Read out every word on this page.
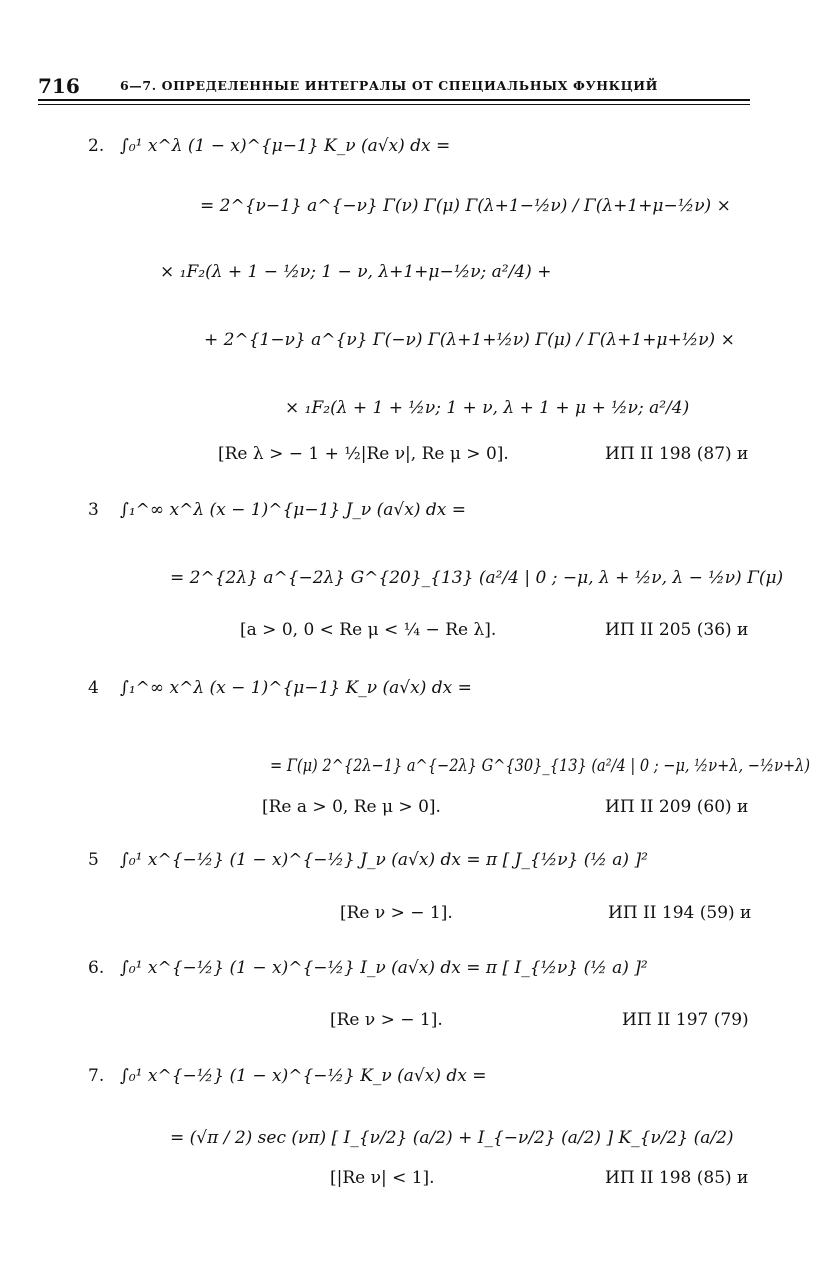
716	6—7. ОПРЕДЕЛЕННЫЕ ИНТЕГРАЛЫ ОТ СПЕЦИАЛЬНЫХ ФУНКЦИЙ
2. ∫₀¹ x^λ (1 − x)^{μ−1} K_ν (a√x) dx =
= 2^{ν−1} a^{−ν} Γ(ν) Γ(μ) Γ(λ+1−½ν) / Γ(λ+1+μ−½ν) ×
× ₁F₂(λ + 1 − ½ν; 1 − ν, λ+1+μ−½ν; a²/4) +
+ 2^{1−ν} a^{ν} Γ(−ν) Γ(λ+1+½ν) Γ(μ) / Γ(λ+1+μ+½ν) ×
× ₁F₂(λ + 1 + ½ν; 1 + ν, λ + 1 + μ + ½ν; a²/4)
[Re λ > − 1 + ½|Re ν|, Re μ > 0].	ИП II 198 (87) и
3 ∫₁^∞ x^λ (x − 1)^{μ−1} J_ν (a√x) dx =
= 2^{2λ} a^{−2λ} G^{20}_{13} (a²/4 | 0 ; −μ, λ + ½ν, λ − ½ν) Γ(μ)
[a > 0, 0 < Re μ < ¼ − Re λ].	ИП II 205 (36) и
4 ∫₁^∞ x^λ (x − 1)^{μ−1} K_ν (a√x) dx =
= Γ(μ) 2^{2λ−1} a^{−2λ} G^{30}_{13} (a²/4 | 0 ; −μ, ½ν+λ, −½ν+λ)
[Re a > 0, Re μ > 0].	ИП II 209 (60) и
5 ∫₀¹ x^{−½} (1 − x)^{−½} J_ν (a√x) dx = π [ J_{½ν} (½ a) ]²
[Re ν > − 1].	ИП II 194 (59) и
6. ∫₀¹ x^{−½} (1 − x)^{−½} I_ν (a√x) dx = π [ I_{½ν} (½ a) ]²
[Re ν > − 1].	ИП II 197 (79)
7. ∫₀¹ x^{−½} (1 − x)^{−½} K_ν (a√x) dx =
= (√π / 2) sec (νπ) [ I_{ν/2} (a/2) + I_{−ν/2} (a/2) ] K_{ν/2} (a/2)
[|Re ν| < 1].	ИП II 198 (85) и
